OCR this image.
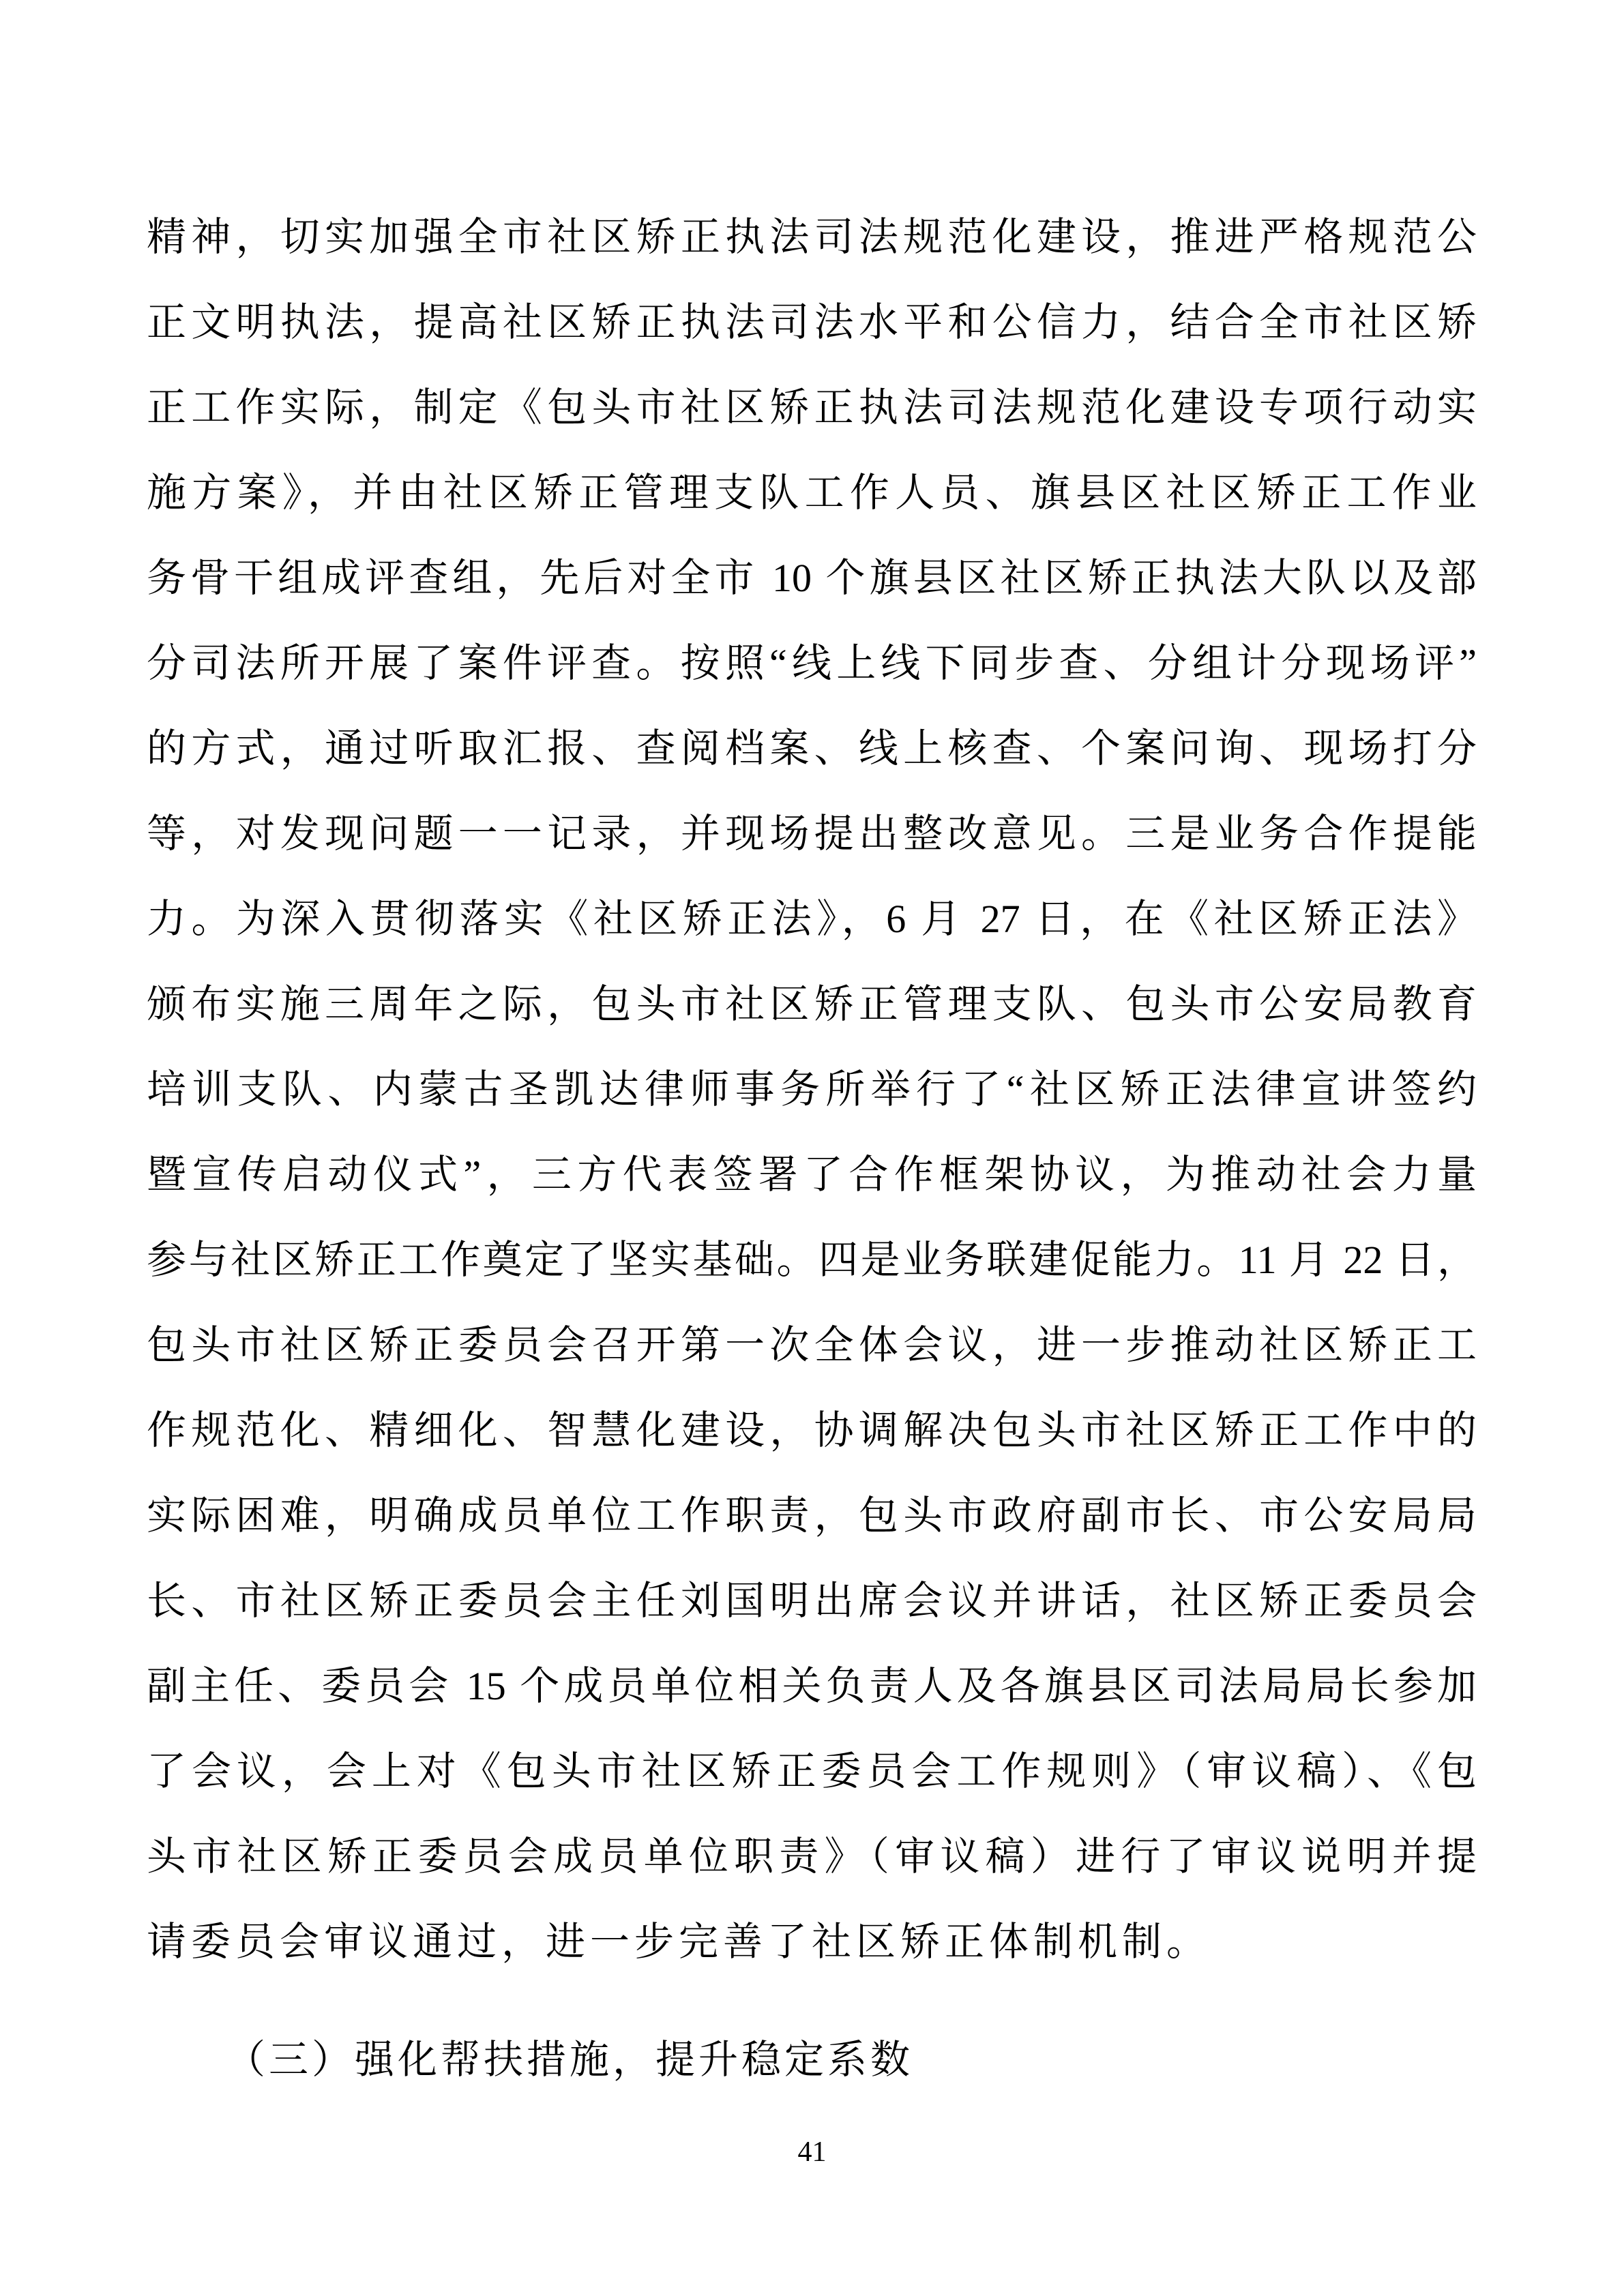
精神，切实加强全市社区矫正执法司法规范化建设，推进严格规范公
正文明执法，提高社区矫正执法司法水平和公信力，结合全市社区矫
正工作实际，制定《包头市社区矫正执法司法规范化建设专项行动实
施方案》，并由社区矫正管理支队工作人员、旗县区社区矫正工作业
务骨干组成评查组，先后对全市 10 个旗县区社区矫正执法大队以及部
分司法所开展了案件评查。按照“线上线下同步查、分组计分现场评”
的方式，通过听取汇报、查阅档案、线上核查、个案问询、现场打分
等，对发现问题一一记录，并现场提出整改意见。三是业务合作提能
力。为深入贯彻落实《社区矫正法》，6 月 27 日，在《社区矫正法》
颁布实施三周年之际，包头市社区矫正管理支队、包头市公安局教育
培训支队、内蒙古圣凯达律师事务所举行了“社区矫正法律宣讲签约
暨宣传启动仪式”，三方代表签署了合作框架协议，为推动社会力量
参与社区矫正工作奠定了坚实基础。四是业务联建促能力。11 月 22 日，
包头市社区矫正委员会召开第一次全体会议，进一步推动社区矫正工
作规范化、精细化、智慧化建设，协调解决包头市社区矫正工作中的
实际困难，明确成员单位工作职责，包头市政府副市长、市公安局局
长、市社区矫正委员会主任刘国明出席会议并讲话，社区矫正委员会
副主任、委员会 15 个成员单位相关负责人及各旗县区司法局局长参加
了会议，会上对《包头市社区矫正委员会工作规则》（审议稿）、《包
头市社区矫正委员会成员单位职责》（审议稿）进行了审议说明并提
请委员会审议通过，进一步完善了社区矫正体制机制。
（三）强化帮扶措施，提升稳定系数
41
